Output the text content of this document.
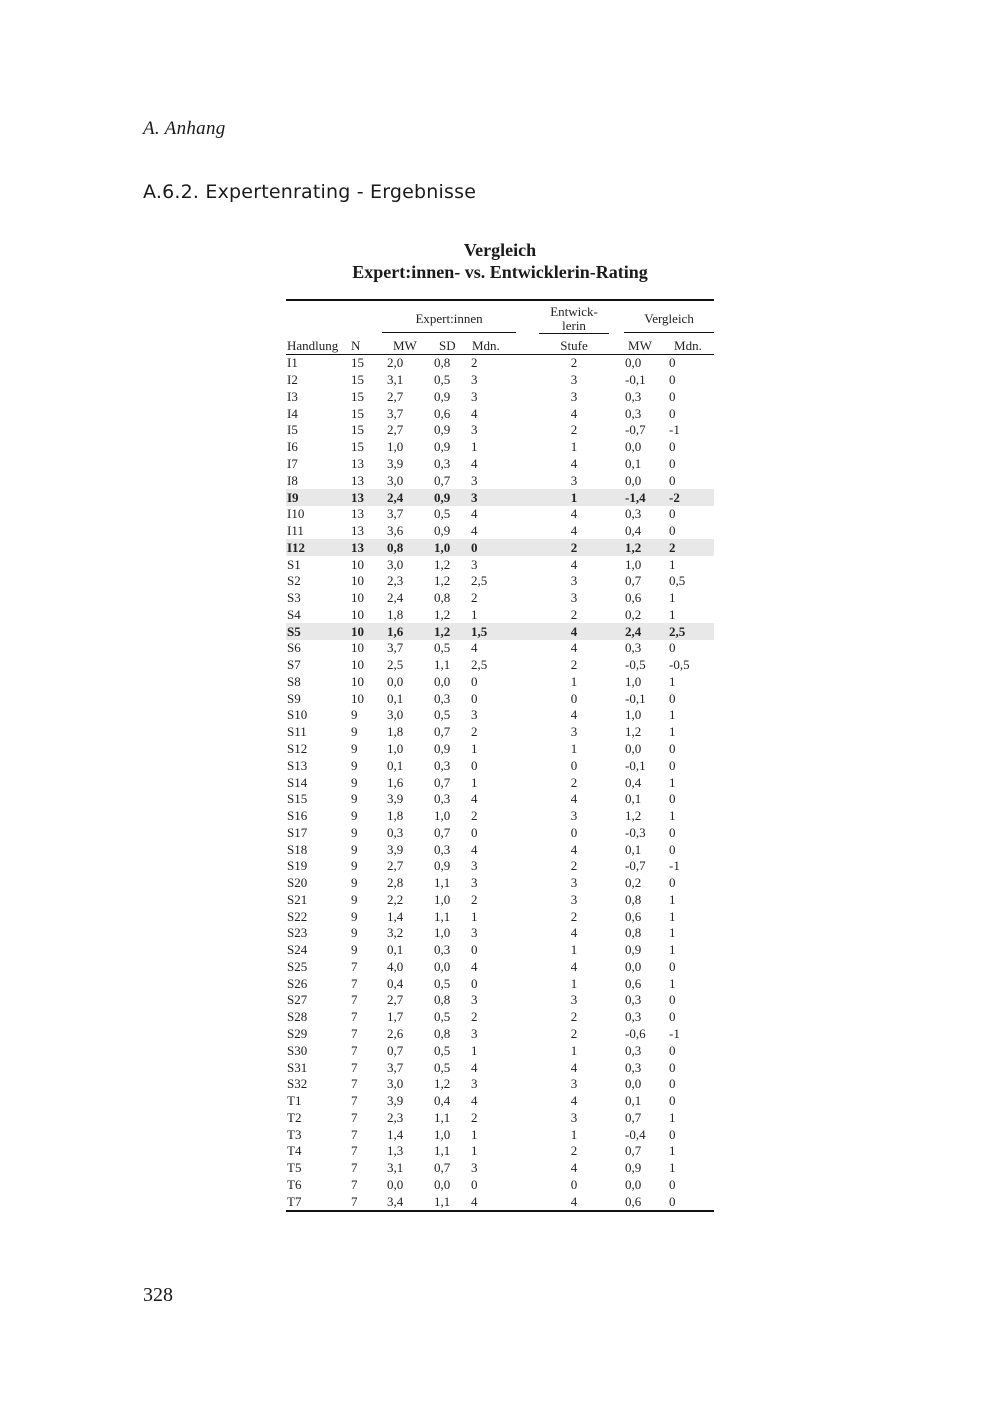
A. Anhang
A.6.2. Expertenrating - Ergebnisse
Vergleich
Expert:innen- vs. Entwicklerin-Rating

		Expert:innen			Entwick-
lerin	Vergleich	

Handlung	N	MW	SD	Mdn.	Stufe	MW	Mdn.
I1	15	2,0	0,8	2	2	0,0	0
I2	15	3,1	0,5	3	3	-0,1	0
I3	15	2,7	0,9	3	3	0,3	0
I4	15	3,7	0,6	4	4	0,3	0
I5	15	2,7	0,9	3	2	-0,7	-1
I6	15	1,0	0,9	1	1	0,0	0
I7	13	3,9	0,3	4	4	0,1	0
I8	13	3,0	0,7	3	3	0,0	0
I9	13	2,4	0,9	3	1	-1,4	-2
I10	13	3,7	0,5	4	4	0,3	0
I11	13	3,6	0,9	4	4	0,4	0
I12	13	0,8	1,0	0	2	1,2	2
S1	10	3,0	1,2	3	4	1,0	1
S2	10	2,3	1,2	2,5	3	0,7	0,5
S3	10	2,4	0,8	2	3	0,6	1
S4	10	1,8	1,2	1	2	0,2	1
S5	10	1,6	1,2	1,5	4	2,4	2,5
S6	10	3,7	0,5	4	4	0,3	0
S7	10	2,5	1,1	2,5	2	-0,5	-0,5
S8	10	0,0	0,0	0	1	1,0	1
S9	10	0,1	0,3	0	0	-0,1	0
S10	9	3,0	0,5	3	4	1,0	1
S11	9	1,8	0,7	2	3	1,2	1
S12	9	1,0	0,9	1	1	0,0	0
S13	9	0,1	0,3	0	0	-0,1	0
S14	9	1,6	0,7	1	2	0,4	1
S15	9	3,9	0,3	4	4	0,1	0
S16	9	1,8	1,0	2	3	1,2	1
S17	9	0,3	0,7	0	0	-0,3	0
S18	9	3,9	0,3	4	4	0,1	0
S19	9	2,7	0,9	3	2	-0,7	-1
S20	9	2,8	1,1	3	3	0,2	0
S21	9	2,2	1,0	2	3	0,8	1
S22	9	1,4	1,1	1	2	0,6	1
S23	9	3,2	1,0	3	4	0,8	1
S24	9	0,1	0,3	0	1	0,9	1
S25	7	4,0	0,0	4	4	0,0	0
S26	7	0,4	0,5	0	1	0,6	1
S27	7	2,7	0,8	3	3	0,3	0
S28	7	1,7	0,5	2	2	0,3	0
S29	7	2,6	0,8	3	2	-0,6	-1
S30	7	0,7	0,5	1	1	0,3	0
S31	7	3,7	0,5	4	4	0,3	0
S32	7	3,0	1,2	3	3	0,0	0
T1	7	3,9	0,4	4	4	0,1	0
T2	7	2,3	1,1	2	3	0,7	1
T3	7	1,4	1,0	1	1	-0,4	0
T4	7	1,3	1,1	1	2	0,7	1
T5	7	3,1	0,7	3	4	0,9	1
T6	7	0,0	0,0	0	0	0,0	0
T7	7	3,4	1,1	4	4	0,6	0
328
